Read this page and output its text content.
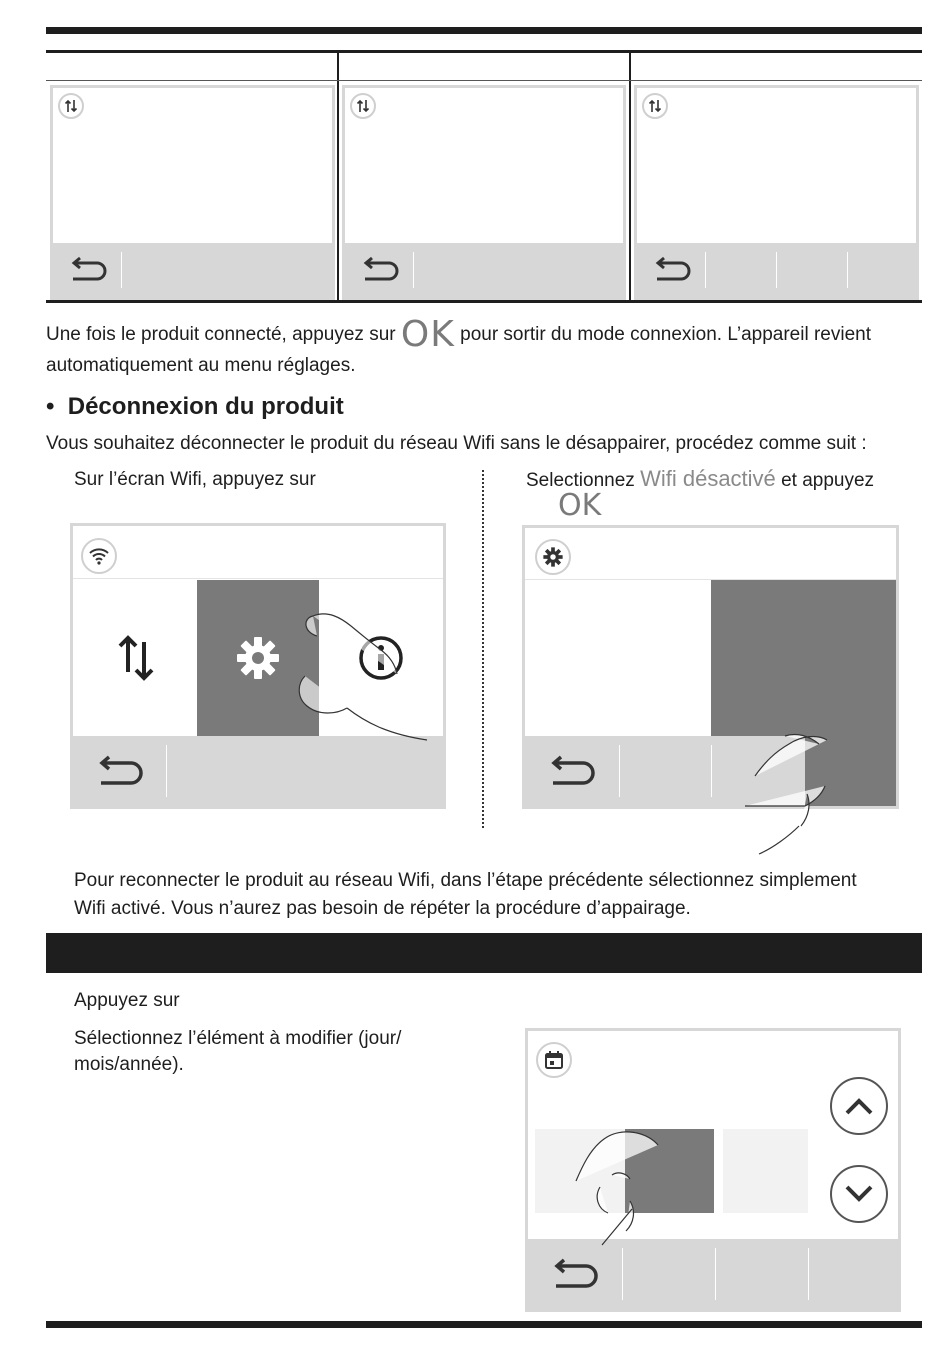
Une fois le produit connecté, appuyez sur OK pour sortir du mode connexion. L’appareil revient
automatiquement au menu réglages.
• Déconnexion du produit
Vous souhaitez déconnecter le produit du réseau Wifi sans le désappairer, procédez comme suit :
Sur l’écran Wifi, appuyez sur	Selectionnez Wifi désactivé et appuyez
OK
Pour reconnecter le produit au réseau Wifi, dans l’étape précédente sélectionnez simplement
Wifi activé. Vous n’aurez pas besoin de répéter la procédure d’appairage.
Appuyez sur
Sélectionnez l’élément à modifier (jour/
mois/année).
